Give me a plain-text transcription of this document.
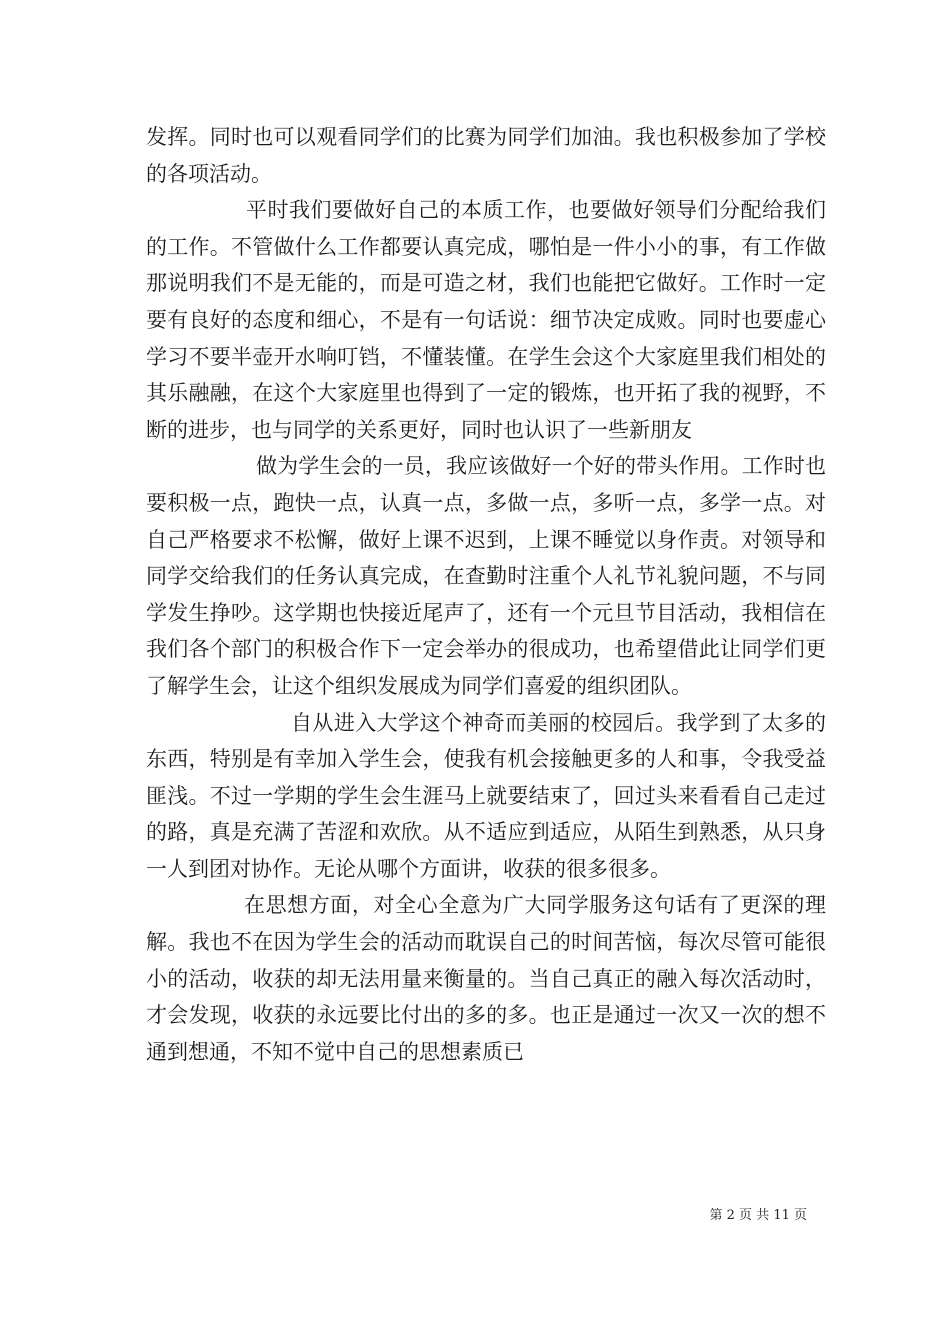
发挥。同时也可以观看同学们的比赛为同学们加油。我也积极参加了学校的各项活动。

平时我们要做好自己的本质工作，也要做好领导们分配给我们的工作。不管做什么工作都要认真完成，哪怕是一件小小的事，有工作做那说明我们不是无能的，而是可造之材，我们也能把它做好。工作时一定要有良好的态度和细心，不是有一句话说：细节决定成败。同时也要虚心学习不要半壶开水响叮铛，不懂装懂。在学生会这个大家庭里我们相处的其乐融融，在这个大家庭里也得到了一定的锻炼，也开拓了我的视野，不断的进步，也与同学的关系更好，同时也认识了一些新朋友

做为学生会的一员，我应该做好一个好的带头作用。工作时也要积极一点，跑快一点，认真一点，多做一点，多听一点，多学一点。对自己严格要求不松懈，做好上课不迟到，上课不睡觉以身作责。对领导和同学交给我们的任务认真完成，在查勤时注重个人礼节礼貌问题，不与同学发生挣吵。这学期也快接近尾声了，还有一个元旦节目活动，我相信在我们各个部门的积极合作下一定会举办的很成功，也希望借此让同学们更了解学生会，让这个组织发展成为同学们喜爱的组织团队。

自从进入大学这个神奇而美丽的校园后。我学到了太多的东西，特别是有幸加入学生会，使我有机会接触更多的人和事，令我受益匪浅。不过一学期的学生会生涯马上就要结束了，回过头来看看自己走过的路，真是充满了苦涩和欢欣。从不适应到适应，从陌生到熟悉，从只身一人到团对协作。无论从哪个方面讲，收获的很多很多。

在思想方面，对全心全意为广大同学服务这句话有了更深的理解。我也不在因为学生会的活动而耽误自己的时间苦恼，每次尽管可能很小的活动，收获的却无法用量来衡量的。当自己真正的融入每次活动时，才会发现，收获的永远要比付出的多的多。也正是通过一次又一次的想不通到想通，不知不觉中自己的思想素质已

第 2 页 共 11 页
